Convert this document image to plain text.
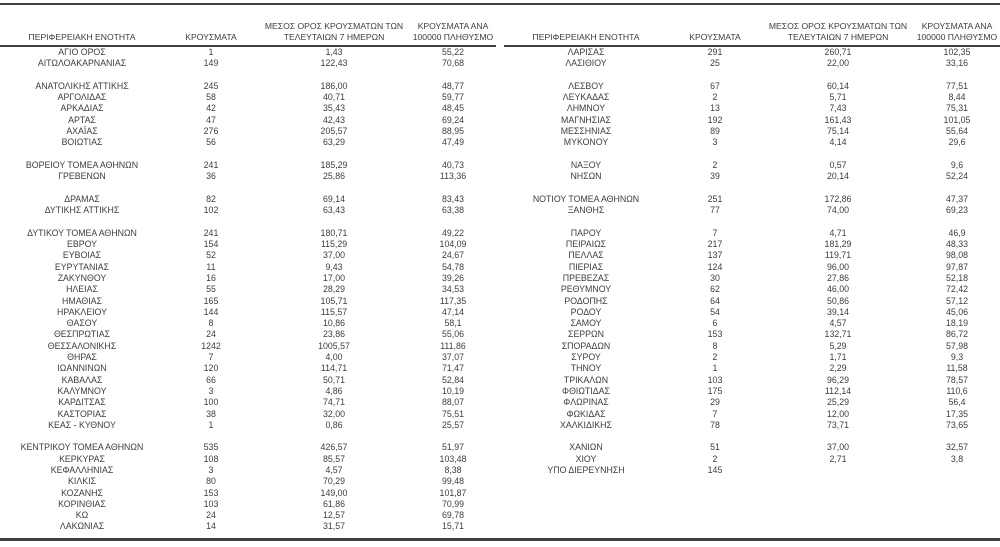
ΠΕΡΙΦΕΡΕΙΑΚΗ ΕΝΟΤΗΤΑ	ΚΡΟΥΣΜΑΤΑ	ΜΕΣΟΣ ΟΡΟΣ ΚΡΟΥΣΜΑΤΩΝ ΤΩΝ ΤΕΛΕΥΤΑΙΩΝ 7 ΗΜΕΡΩΝ	ΚΡΟΥΣΜΑΤΑ ΑΝΑ 100000 ΠΛΗΘΥΣΜΟ
ΑΓΙΟ ΟΡΟΣ	1	1,43	55,22
ΑΙΤΩΛΟΑΚΑΡΝΑΝΙΑΣ	149	122,43	70,68

ΑΝΑΤΟΛΙΚΗΣ ΑΤΤΙΚΗΣ	245	186,00	48,77
ΑΡΓΟΛΙΔΑΣ	58	40,71	59,77
ΑΡΚΑΔΙΑΣ	42	35,43	48,45
ΑΡΤΑΣ	47	42,43	69,24
ΑΧΑΪΑΣ	276	205,57	88,95
ΒΟΙΩΤΙΑΣ	56	63,29	47,49

ΒΟΡΕΙΟΥ ΤΟΜΕΑ ΑΘΗΝΩΝ	241	185,29	40,73
ΓΡΕΒΕΝΩΝ	36	25,86	113,36

ΔΡΑΜΑΣ	82	69,14	83,43
ΔΥΤΙΚΗΣ ΑΤΤΙΚΗΣ	102	63,43	63,38

ΔΥΤΙΚΟΥ ΤΟΜΕΑ ΑΘΗΝΩΝ	241	180,71	49,22
ΕΒΡΟΥ	154	115,29	104,09
ΕΥΒΟΙΑΣ	52	37,00	24,67
ΕΥΡΥΤΑΝΙΑΣ	11	9,43	54,78
ΖΑΚΥΝΘΟΥ	16	17,00	39,26
ΗΛΕΙΑΣ	55	28,29	34,53
ΗΜΑΘΙΑΣ	165	105,71	117,35
ΗΡΑΚΛΕΙΟΥ	144	115,57	47,14
ΘΑΣΟΥ	8	10,86	58,1
ΘΕΣΠΡΩΤΙΑΣ	24	23,86	55,06
ΘΕΣΣΑΛΟΝΙΚΗΣ	1242	1005,57	111,86
ΘΗΡΑΣ	7	4,00	37,07
ΙΩΑΝΝΙΝΩΝ	120	114,71	71,47
ΚΑΒΑΛΑΣ	66	50,71	52,84
ΚΑΛΥΜΝΟΥ	3	4,86	10,19
ΚΑΡΔΙΤΣΑΣ	100	74,71	88,07
ΚΑΣΤΟΡΙΑΣ	38	32,00	75,51
ΚΕΑΣ - ΚΥΘΝΟΥ	1	0,86	25,57

ΚΕΝΤΡΙΚΟΥ ΤΟΜΕΑ ΑΘΗΝΩΝ	535	426,57	51,97
ΚΕΡΚΥΡΑΣ	108	85,57	103,48
ΚΕΦΑΛΛΗΝΙΑΣ	3	4,57	8,38
ΚΙΛΚΙΣ	80	70,29	99,48
ΚΟΖΑΝΗΣ	153	149,00	101,87
ΚΟΡΙΝΘΙΑΣ	103	61,86	70,99
ΚΩ	24	12,57	69,78
ΛΑΚΩΝΙΑΣ	14	31,57	15,71
ΠΕΡΙΦΕΡΕΙΑΚΗ ΕΝΟΤΗΤΑ	ΚΡΟΥΣΜΑΤΑ	ΜΕΣΟΣ ΟΡΟΣ ΚΡΟΥΣΜΑΤΩΝ ΤΩΝ ΤΕΛΕΥΤΑΙΩΝ 7 ΗΜΕΡΩΝ	ΚΡΟΥΣΜΑΤΑ ΑΝΑ 100000 ΠΛΗΘΥΣΜΟ
ΛΑΡΙΣΑΣ	291	260,71	102,35
ΛΑΣΙΘΙΟΥ	25	22,00	33,16

ΛΕΣΒΟΥ	67	60,14	77,51
ΛΕΥΚΑΔΑΣ	2	5,71	8,44
ΛΗΜΝΟΥ	13	7,43	75,31
ΜΑΓΝΗΣΙΑΣ	192	161,43	101,05
ΜΕΣΣΗΝΙΑΣ	89	75,14	55,64
ΜΥΚΟΝΟΥ	3	4,14	29,6

ΝΑΞΟΥ	2	0,57	9,6
ΝΗΣΩΝ	39	20,14	52,24

ΝΟΤΙΟΥ ΤΟΜΕΑ ΑΘΗΝΩΝ	251	172,86	47,37
ΞΑΝΘΗΣ	77	74,00	69,23

ΠΑΡΟΥ	7	4,71	46,9
ΠΕΙΡΑΙΩΣ	217	181,29	48,33
ΠΕΛΛΑΣ	137	119,71	98,08
ΠΙΕΡΙΑΣ	124	96,00	97,87
ΠΡΕΒΕΖΑΣ	30	27,86	52,18
ΡΕΘΥΜΝΟΥ	62	46,00	72,42
ΡΟΔΟΠΗΣ	64	50,86	57,12
ΡΟΔΟΥ	54	39,14	45,06
ΣΑΜΟΥ	6	4,57	18,19
ΣΕΡΡΩΝ	153	132,71	86,72
ΣΠΟΡΑΔΩΝ	8	5,29	57,98
ΣΥΡΟΥ	2	1,71	9,3
ΤΗΝΟΥ	1	2,29	11,58
ΤΡΙΚΑΛΩΝ	103	96,29	78,57
ΦΘΙΩΤΙΔΑΣ	175	112,14	110,6
ΦΛΩΡΙΝΑΣ	29	25,29	56,4
ΦΩΚΙΔΑΣ	7	12,00	17,35
ΧΑΛΚΙΔΙΚΗΣ	78	73,71	73,65

ΧΑΝΙΩΝ	51	37,00	32,57
ΧΙΟΥ	2	2,71	3,8
ΥΠΟ ΔΙΕΡΕΥΝΗΣΗ	145		
